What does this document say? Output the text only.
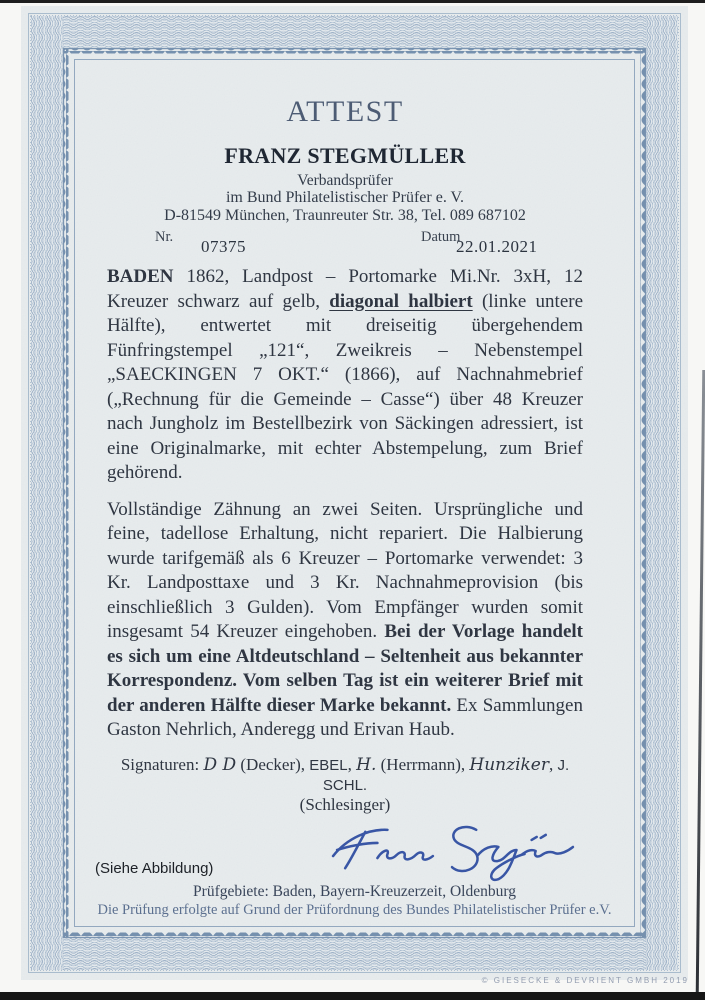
ATTEST
FRANZ STEGMÜLLER
Verbandsprüfer
im Bund Philatelistischer Prüfer e. V.
D-81549 München, Traunreuter Str. 38, Tel. 089 687102
Nr. 07375	Datum
22.01.2021

BADEN 1862, Landpost – Portomarke Mi.Nr. 3xH, 12 Kreuzer schwarz auf gelb, diagonal halbiert (linke untere Hälfte), entwertet mit dreiseitig übergehendem Fünfringstempel „121“, Zweikreis – Nebenstempel „SAECKINGEN 7 OKT.“ (1866), auf Nachnahmebrief („Rechnung für die Gemeinde – Casse“) über 48 Kreuzer nach Jungholz im Bestellbezirk von Säckingen adressiert, ist eine Originalmarke, mit echter Abstempelung, zum Brief gehörend.

Vollständige Zähnung an zwei Seiten. Ursprüngliche und feine, tadellose Erhaltung, nicht repariert. Die Halbierung wurde tarifgemäß als 6 Kreuzer – Portomarke verwendet: 3 Kr. Landposttaxe und 3 Kr. Nachnahmeprovision (bis einschließlich 3 Gulden). Vom Empfänger wurden somit insgesamt 54 Kreuzer eingehoben. Bei der Vorlage handelt es sich um eine Altdeutschland – Seltenheit aus bekannter Korrespondenz. Vom selben Tag ist ein weiterer Brief mit der anderen Hälfte dieser Marke bekannt. Ex Sammlungen Gaston Nehrlich, Anderegg und Erivan Haub.

Signaturen: D D (Decker), EBEL, H. (Herrmann), Hunziker, J. SCHL.

(Schlesinger)
(Siehe Abbildung)
Prüfgebiete: Baden, Bayern-Kreuzerzeit, Oldenburg
Die Prüfung erfolgte auf Grund der Prüfordnung des Bundes Philatelistischer Prüfer e.V.
© GIESECKE & DEVRIENT GMBH 2019
